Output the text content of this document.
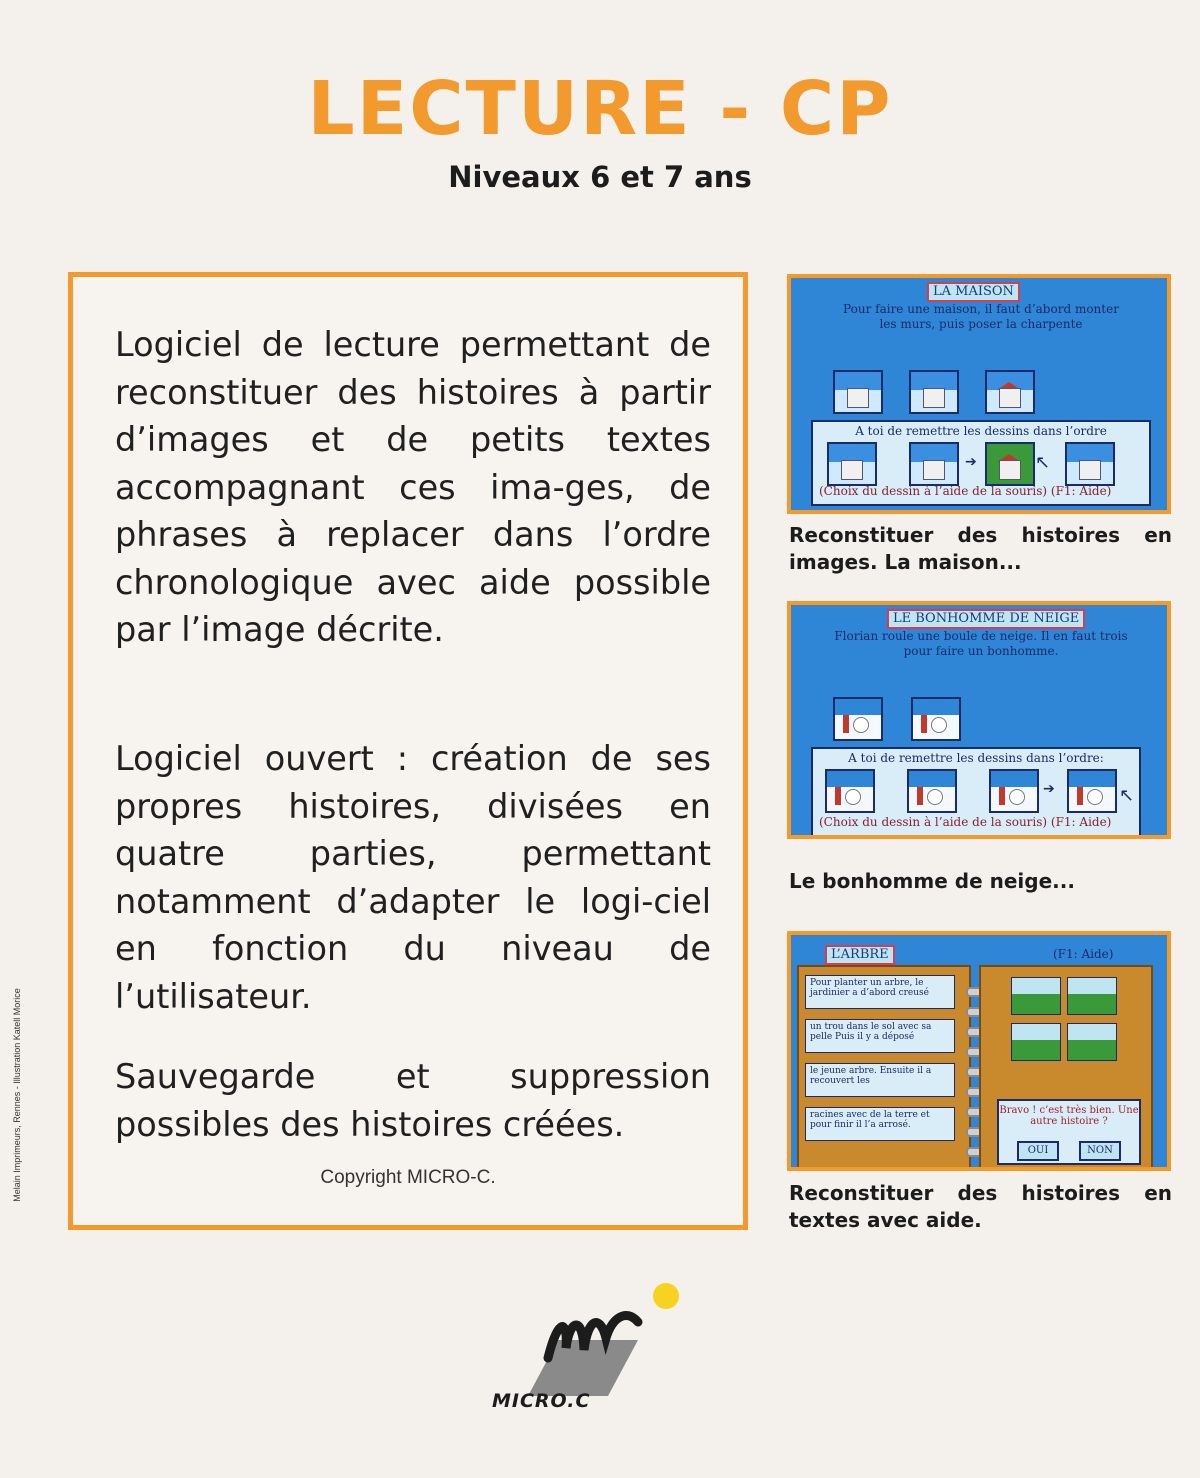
LECTURE - CP
Niveaux 6 et 7 ans
Logiciel de lecture permettant de reconstituer des histoires à partir d’images et de petits textes accompagnant ces ima-ges, de phrases à replacer dans l’ordre chronologique avec aide possible par l’image décrite.
Logiciel ouvert : création de ses propres histoires, divisées en quatre parties, permettant notamment d’adapter le logi-ciel en fonction du niveau de l’utilisateur.
Sauvegarde et suppression possibles des histoires créées.
Copyright MICRO-C.
LA MAISON
Pour faire une maison, il faut d’abord monter les murs, puis poser la charpente
A toi de remettre les dessins dans l’ordre
➔	↖
(Choix du dessin à l’aide de la souris) (F1: Aide)
Reconstituer des histoires en images. La maison...
LE BONHOMME DE NEIGE
Florian roule une boule de neige. Il en faut trois pour faire un bonhomme.
A toi de remettre les dessins dans l’ordre:
➔	↖
(Choix du dessin à l’aide de la souris) (F1: Aide)
Le bonhomme de neige...
L’ARBRE	(F1: Aide)
Pour planter un arbre, le jardinier a d’abord creusé
un trou dans le sol avec sa pelle Puis il y a déposé
le jeune arbre. Ensuite il a recouvert les
racines avec de la terre et pour finir il l’a arrosé.
Bravo ! c’est très bien. Une autre histoire ?
OUI	NON
Reconstituer des histoires en textes avec aide.
Melain Imprimeurs, Rennes - Illustration Katell Morice
MICRO.C
